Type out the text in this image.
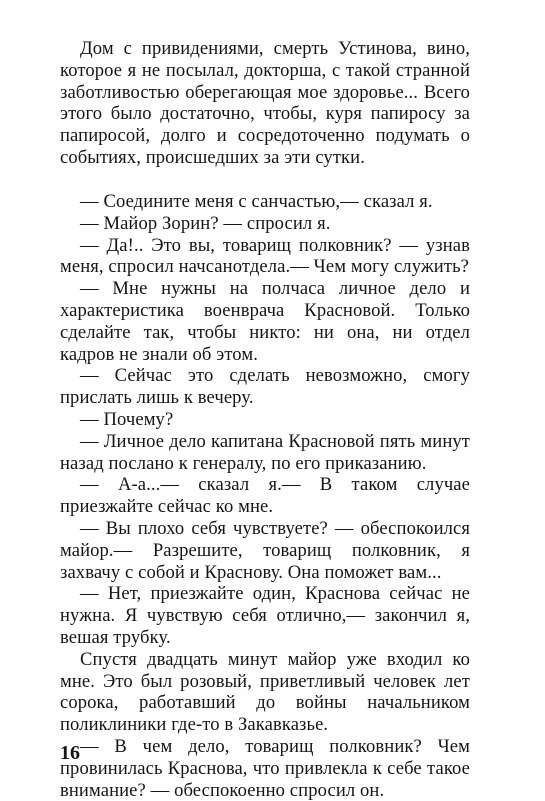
Дом с привидениями, смерть Устинова, вино, которое я не посылал, докторша, с такой странной заботливостью оберегающая мое здоровье... Всего этого было достаточно, чтобы, куря папиросу за папиросой, долго и сосредоточенно подумать о событиях, происшедших за эти сутки.

— Соедините меня с санчастью,— сказал я.

— Майор Зорин? — спросил я.

— Да!.. Это вы, товарищ полковник? — узнав меня, спросил начсанотдела.— Чем могу служить?

— Мне нужны на полчаса личное дело и характеристика военврача Красновой. Только сделайте так, чтобы никто: ни она, ни отдел кадров не знали об этом.

— Сейчас это сделать невозможно, смогу прислать лишь к вечеру.

— Почему?

— Личное дело капитана Красновой пять минут назад послано к генералу, по его приказанию.

— А-а...— сказал я.— В таком случае приезжайте сейчас ко мне.

— Вы плохо себя чувствуете? — обеспокоился майор.— Разрешите, товарищ полковник, я захвачу с собой и Краснову. Она поможет вам...

— Нет, приезжайте один, Краснова сейчас не нужна. Я чувствую себя отлично,— закончил я, вешая трубку.

Спустя двадцать минут майор уже входил ко мне. Это был розовый, приветливый человек лет сорока, работавший до войны начальником поликлиники где-то в Закавказье.

— В чем дело, товарищ полковник? Чем провинилась Краснова, что привлекла к себе такое внимание? — обеспокоенно спросил он.

16
